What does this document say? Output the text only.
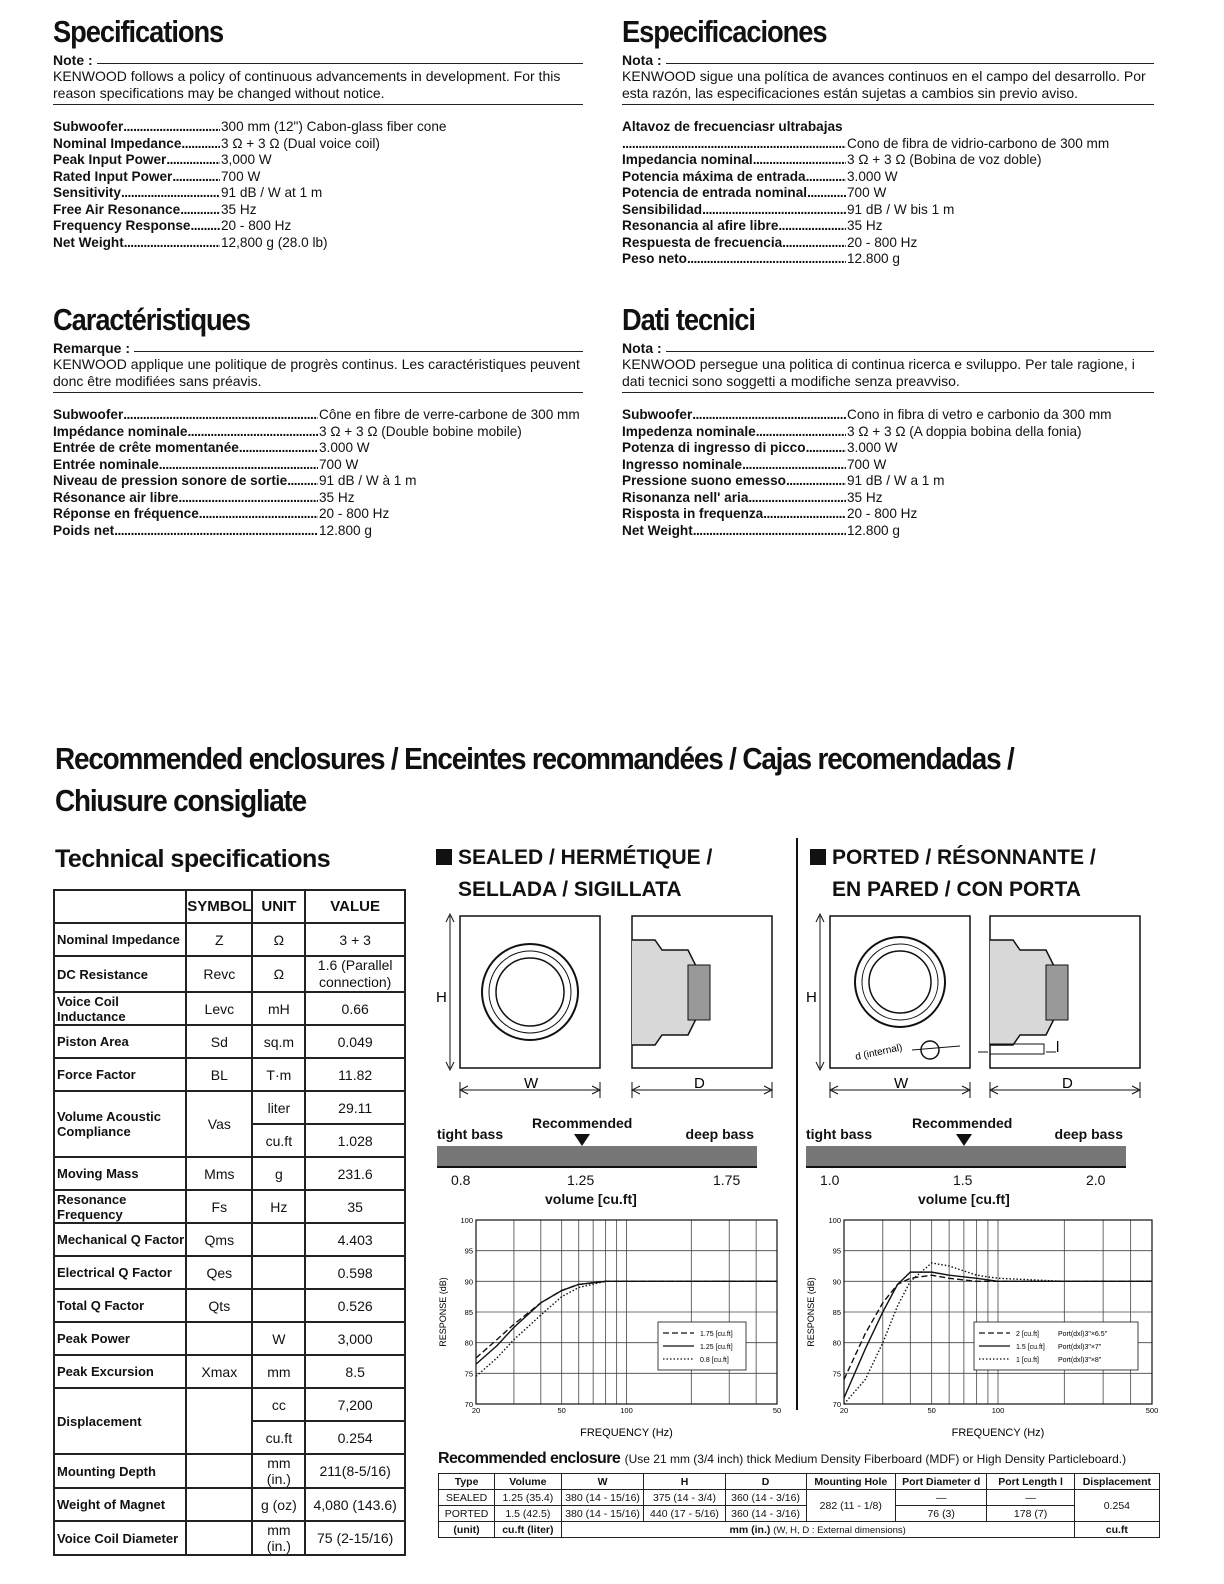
Specifications
Note :
KENWOOD follows a policy of continuous advancements in development. For this reason specifications may be changed without notice.
Subwoofer .....	300 mm (12") Cabon-glass fiber cone
Nominal Impedance .....	3 Ω + 3 Ω (Dual voice coil)
Peak Input Power .....	3,000 W
Rated Input Power .....	700 W
Sensitivity .....	91 dB / W at 1 m
Free Air Resonance .....	35 Hz
Frequency Response ..... 20 - 800 Hz
Net Weight .....	12,800 g (28.0 lb)
Especificaciones
Nota :
KENWOOD sigue una política de avances continuos en el campo del desarrollo. Por esta razón, las especificaciones están sujetas a cambios sin previo aviso.
Altavoz de frecuenciasr ultrabajas
.....
Cono de fibra de vidrio-carbono de 300 mm
Impedancia nominal .....	3 Ω + 3 Ω (Bobina de voz doble)
Potencia máxima de entrada .....	3.000 W
Potencia de entrada nominal .....	700 W
Sensibilidad .....	91 dB / W bis 1 m
Resonancia al afire libre .....	35 Hz
Respuesta de frecuencia .....	20 - 800 Hz
Peso neto .....	12.800 g
Caractéristiques
Remarque :
KENWOOD applique une politique de progrès continus. Les caractéristiques peuvent donc être modifiées sans préavis.
Subwoofer .....	Cône en fibre de verre-carbone de 300 mm
Impédance nominale .....	3 Ω + 3 Ω (Double bobine mobile)
Entrée de crête momentanée .....	3.000 W
Entrée nominale .....	700 W
Niveau de pression sonore de sortie ..... 91 dB / W à 1 m
Résonance air libre .....	35 Hz
Réponse en fréquence .....	20 - 800 Hz
Poids net .....	12.800 g
Dati tecnici
Nota :
KENWOOD persegue una politica di continua ricerca e sviluppo. Per tale ragione, i dati tecnici sono soggetti a modifiche senza preavviso.
Subwoofer .....	Cono in fibra di vetro e carbonio da 300 mm
Impedenza nominale .....	3 Ω + 3 Ω (A doppia bobina della fonia)
Potenza di ingresso di picco .....	3.000 W
Ingresso nominale .....	700 W
Pressione suono emesso .....	91 dB / W a 1 m
Risonanza nell' aria .....	35 Hz
Risposta in frequenza .....	20 - 800 Hz
Net Weight .....	12.800 g
Recommended enclosures / Enceintes recommandées / Cajas recomendadas /
Chiusure consigliate
Technical specifications
	SYMBOL	UNIT	VALUE
Nominal Impedance	Z	Ω	3 + 3
DC Resistance	Revc	Ω	1.6 (Parallel connection)
Voice Coil Inductance	Levc	mH	0.66
Piston Area	Sd	sq.m	0.049
Force Factor	BL	T·m	11.82
Volume Acoustic Compliance	Vas	liter	29.11
		cu.ft	1.028
Moving Mass	Mms	g	231.6
Resonance Frequency	Fs	Hz	35
Mechanical Q Factor	Qms		4.403
Electrical Q Factor	Qes		0.598
Total Q Factor	Qts		0.526
Peak Power		W	3,000
Peak Excursion	Xmax	mm	8.5
Displacement		cc	7,200
		cu.ft	0.254
Mounting Depth		mm (in.)	211(8-5/16)
Weight of Magnet		g (oz)	4,080 (143.6)
Voice Coil Diameter		mm (in.)	75 (2-15/16)
SEALED / HERMÉTIQUE /
SELLADA / SIGILLATA
H
W	D
tight bass
Recommended
deep bass
0.8	1.25	1.75
volume [cu.ft]
70
75
80
85
90
95
100
20	50	100	50
FREQUENCY (Hz)
RESPONSE (dB)	1.75 [cu.ft]
1.25 [cu.ft]
0.8 [cu.ft]
PORTED / RÉSONNANTE /
EN PARED / CON PORTA
d (internal)	l
H
W	D
tight bass
Recommended
deep bass
1.0	1.5	2.0
volume [cu.ft]
70
75
80
85
90
95
100
20	50	100	500
FREQUENCY (Hz)
RESPONSE (dB)	2 [cu.ft]	Port(dxl)3"×6.5"
1.5 [cu.ft] Port(dxl)3"×7"
1 [cu.ft]	Port(dxl)3"×8"
Recommended enclosure (Use 21 mm (3/4 inch) thick Medium Density Fiberboard (MDF) or High Density Particleboard.)
Type	Volume	W	H	D	Mounting Hole	Port Diameter d	Port Length l	Displacement
SEALED	1.25 (35.4)	380 (14 - 15/16)	375 (14 - 3/4)	360 (14 - 3/16)	282 (11 - 1/8)	—	—	0.254
PORTED	1.5 (42.5)	380 (14 - 15/16)	440 (17 - 5/16)	360 (14 - 3/16)		76 (3)	178 (7)	
(unit)	cu.ft (liter)	mm (in.) (W, H, D : External dimensions)						cu.ft
